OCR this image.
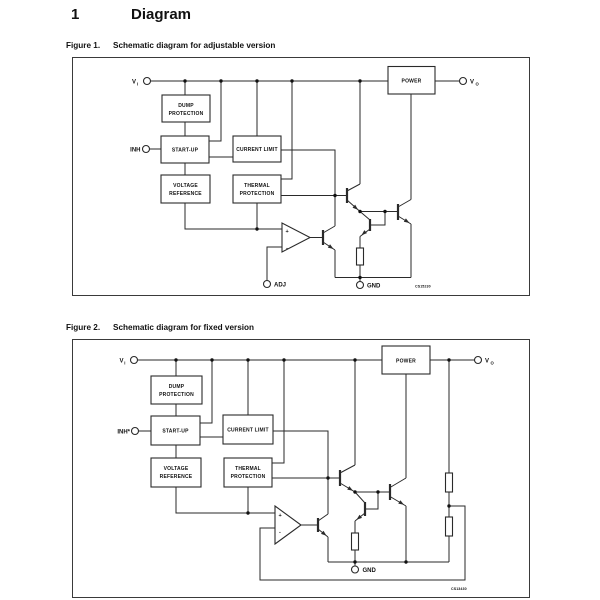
1	Diagram
Figure 1. Schematic diagram for adjustable version
DUMP
PROTECTION
START-UP	CURRENT LIMIT
VOLTAGE
REFERENCE
THERMAL
PROTECTION
POWER
+
-
V I
INH
V O
ADJ	GND	CS15230
Figure 2. Schematic diagram for fixed version
DUMP
PROTECTION
START-UP	CURRENT LIMIT
VOLTAGE
REFERENCE
THERMAL
PROTECTION
POWER
+
-
V I
INH*
V O
GND
CS13430
